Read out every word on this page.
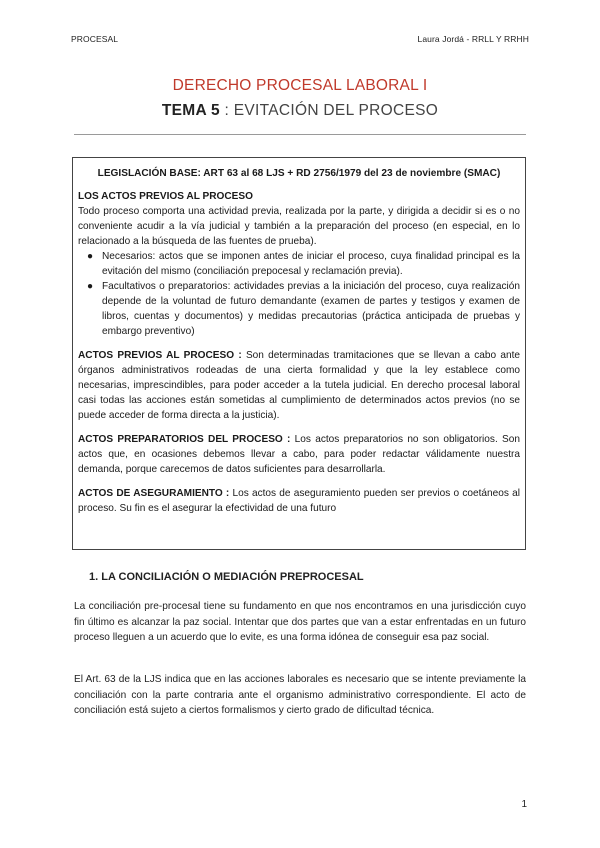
PROCESAL	Laura Jordá - RRLL Y RRHH
DERECHO PROCESAL LABORAL I
TEMA 5 : EVITACIÓN DEL PROCESO

LEGISLACIÓN BASE: ART 63 al 68 LJS + RD 2756/1979 del 23 de noviembre (SMAC)

LOS ACTOS PREVIOS AL PROCESO

Todo proceso comporta una actividad previa, realizada por la parte, y dirigida a decidir si es o no conveniente acudir a la vía judicial y también a la preparación del proceso (en especial, en lo relacionado a la búsqueda de las fuentes de prueba).

● Necesarios: actos que se imponen antes de iniciar el proceso, cuya finalidad principal es la evitación del mismo (conciliación prepocesal y reclamación previa).
● Facultativos o preparatorios: actividades previas a la iniciación del proceso, cuya realización depende de la voluntad de futuro demandante (examen de partes y testigos y examen de libros, cuentas y documentos) y medidas precautorias (práctica anticipada de pruebas y embargo preventivo)

ACTOS PREVIOS AL PROCESO : Son determinadas tramitaciones que se llevan a cabo ante órganos administrativos rodeadas de una cierta formalidad y que la ley establece como necesarias, imprescindibles, para poder acceder a la tutela judicial. En derecho procesal laboral casi todas las acciones están sometidas al cumplimiento de determinados actos previos (no se puede acceder de forma directa a la justicia).

ACTOS PREPARATORIOS DEL PROCESO : Los actos preparatorios no son obligatorios. Son actos que, en ocasiones debemos llevar a cabo, para poder redactar válidamente nuestra demanda, porque carecemos de datos suficientes para desarrollarla.

ACTOS DE ASEGURAMIENTO : Los actos de aseguramiento pueden ser previos o coetáneos al proceso. Su fin es el asegurar la efectividad de una futuro

1. LA CONCILIACIÓN O MEDIACIÓN PREPROCESAL
La conciliación pre-procesal tiene su fundamento en que nos encontramos en una jurisdicción cuyo fin último es alcanzar la paz social. Intentar que dos partes que van a estar enfrentadas en un futuro proceso lleguen a un acuerdo que lo evite, es una forma idónea de conseguir esa paz social.
El Art. 63 de la LJS indica que en las acciones laborales es necesario que se intente previamente la conciliación con la parte contraria ante el organismo administrativo correspondiente. El acto de conciliación está sujeto a ciertos formalismos y cierto grado de dificultad técnica.
1
